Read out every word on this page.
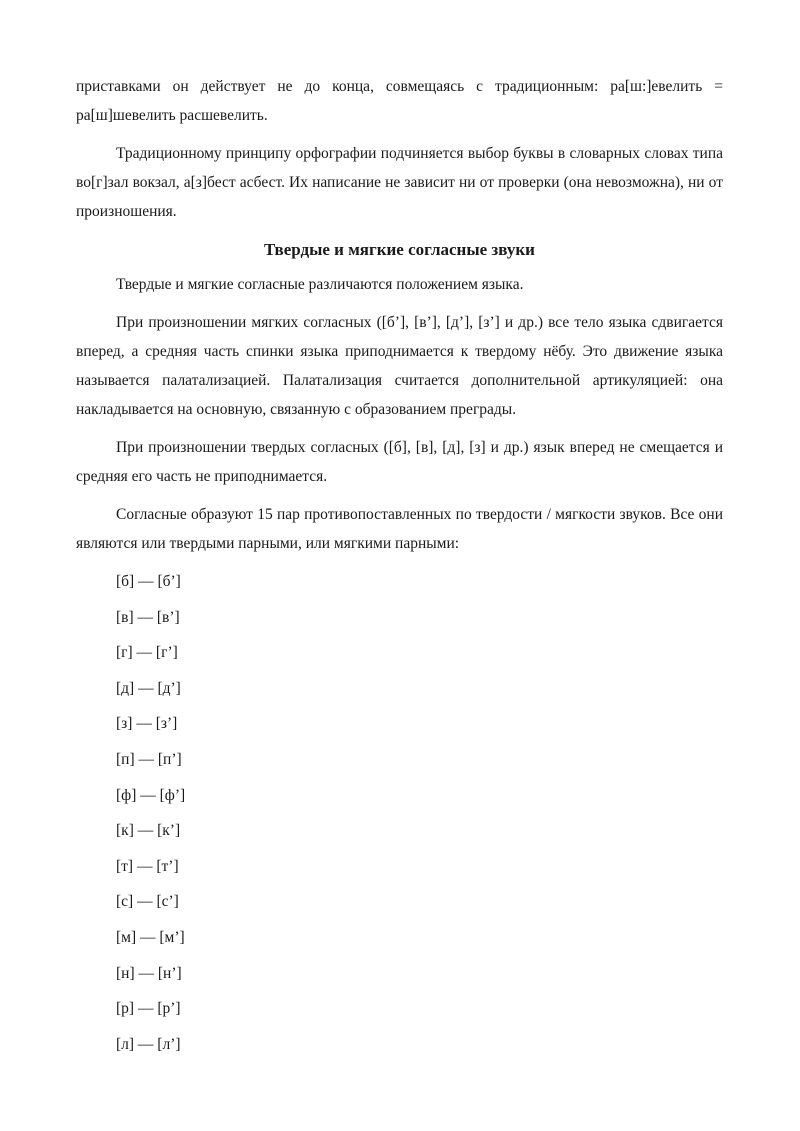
приставками он действует не до конца, совмещаясь с традиционным: ра[ш:]евелить = ра[ш]шевелить расшевелить.

Традиционному принципу орфографии подчиняется выбор буквы в словарных словах типа во[г]зал вокзал, а[з]бест асбест. Их написание не зависит ни от проверки (она невозможна), ни от произношения.

Твердые и мягкие согласные звуки

Твердые и мягкие согласные различаются положением языка.

При произношении мягких согласных ([б’], [в’], [д’], [з’] и др.) все тело языка сдвигается вперед, а средняя часть спинки языка приподнимается к твердому нёбу. Это движение языка называется палатализацией. Палатализация считается дополнительной артикуляцией: она накладывается на основную, связанную с образованием преграды.

При произношении твердых согласных ([б], [в], [д], [з] и др.) язык вперед не смещается и средняя его часть не приподнимается.

Согласные образуют 15 пар противопоставленных по твердости / мягкости звуков. Все они являются или твердыми парными, или мягкими парными:

[б] — [б’]
[в] — [в’]
[г] — [г’]
[д] — [д’]
[з] — [з’]
[п] — [п’]
[ф] — [ф’]
[к] — [к’]
[т] — [т’]
[с] — [с’]
[м] — [м’]
[н] — [н’]
[р] — [р’]
[л] — [л’]
